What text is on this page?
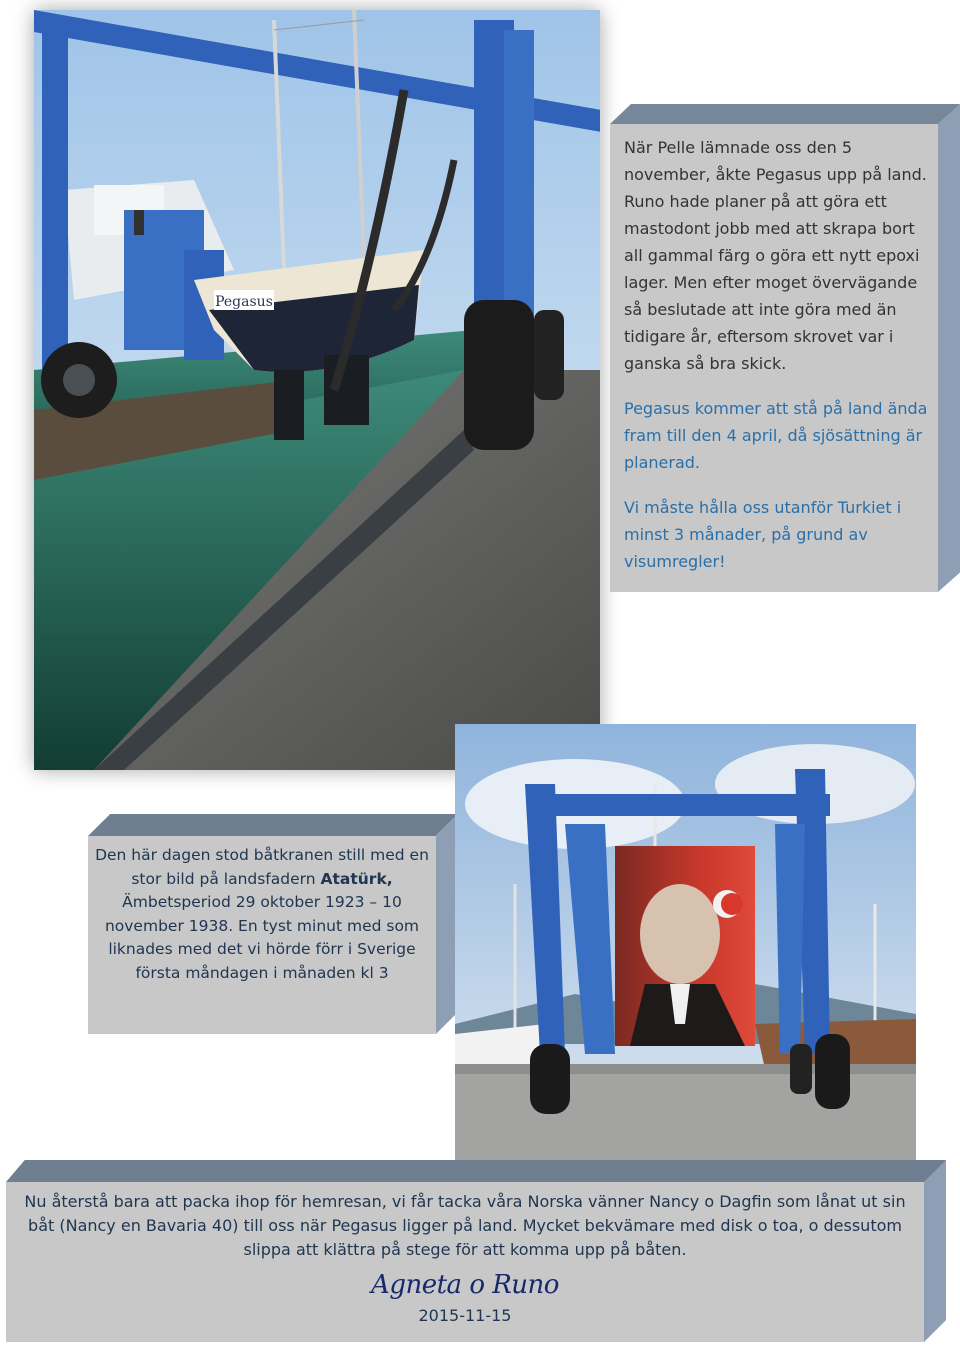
Pegasus

När Pelle lämnade oss den 5 november, åkte Pegasus upp på land. Runo hade planer på att göra ett mastodont jobb med att skrapa bort all gammal färg o göra ett nytt epoxi lager. Men efter moget övervägande så beslutade att inte göra med än tidigare år, eftersom skrovet var i ganska så bra skick.

Pegasus kommer att stå på land ända fram till den 4 april, då sjösättning är planerad.

Vi måste hålla oss utanför Turkiet i minst 3 månader, på grund av visumregler!

Den här dagen stod båtkranen still med en stor bild på landsfadern Atatürk, Ämbetsperiod 29 oktober 1923 – 10 november 1938. En tyst minut med som liknades med det vi hörde förr i Sverige första måndagen i månaden kl 3

Nu återstå bara att packa ihop för hemresan, vi får tacka våra Norska vänner Nancy o Dagfin som lånat ut sin båt (Nancy en Bavaria 40) till oss när Pegasus ligger på land. Mycket bekvämare med disk o toa, o dessutom slippa att klättra på stege för att komma upp på båten.

Agneta o Runo
2015-11-15
